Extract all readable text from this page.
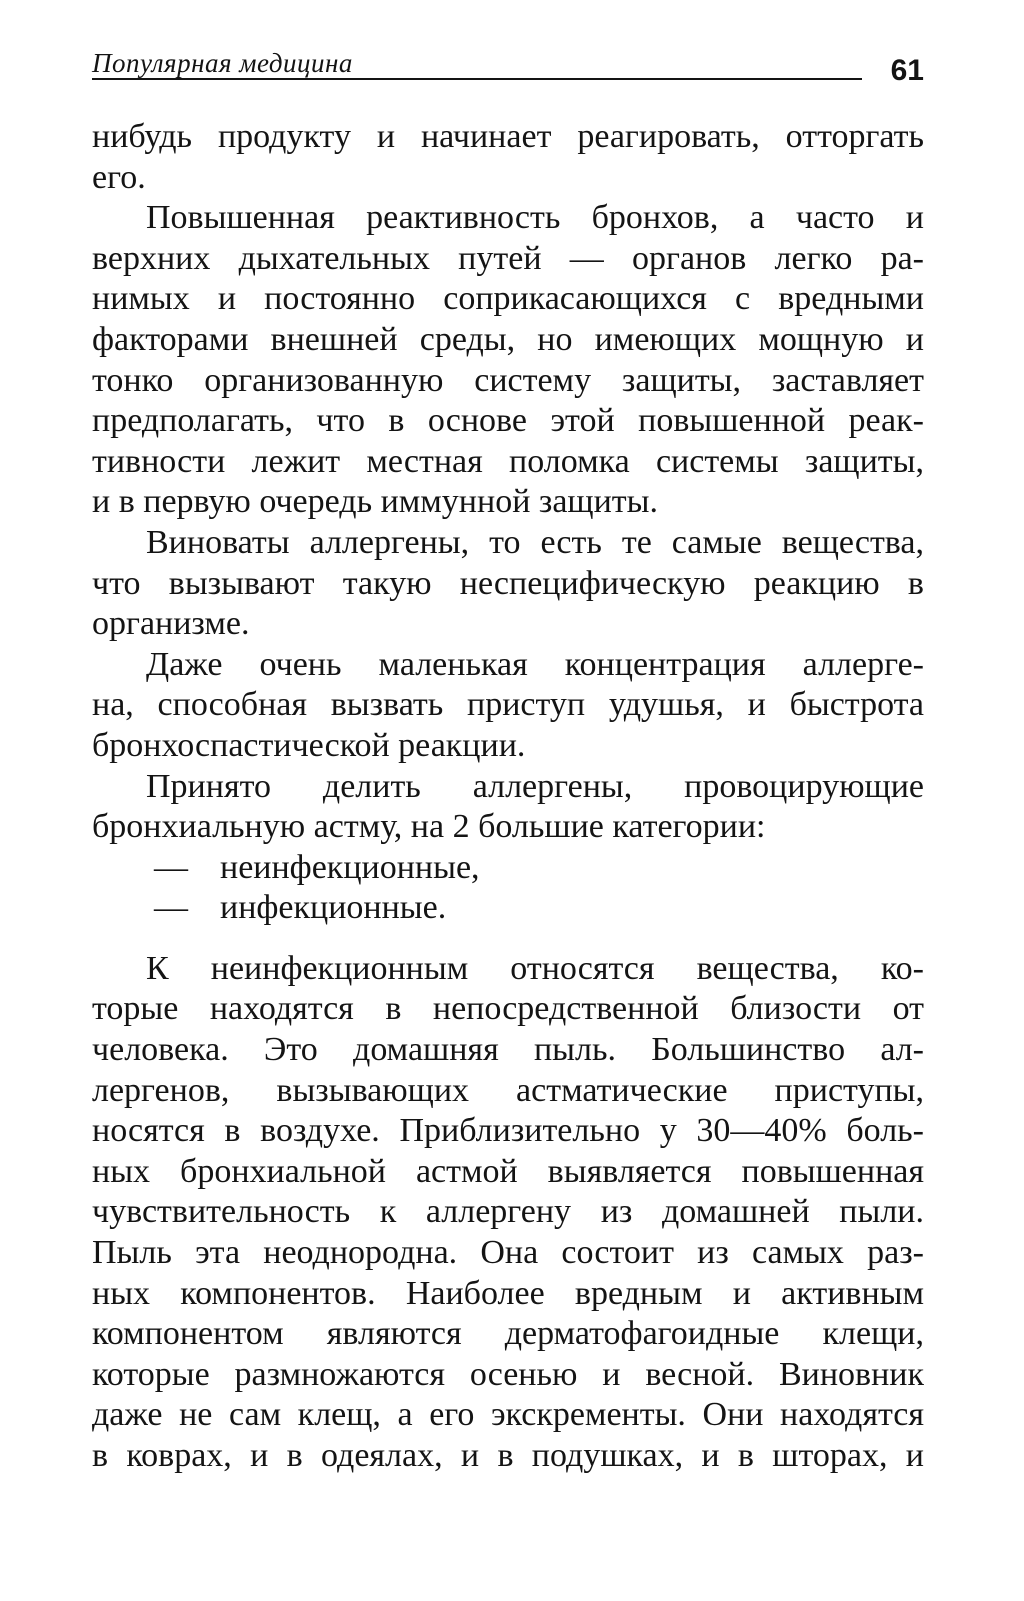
Популярная медицина	61
нибудь продукту и начинает реагировать, отторгать
его.
Повышенная реактивность бронхов, а часто и
верхних дыхательных путей — органов легко ра-
нимых и постоянно соприкасающихся с вредными
факторами внешней среды, но имеющих мощную и
тонко организованную систему защиты, заставляет
предполагать, что в основе этой повышенной реак-
тивности лежит местная поломка системы защиты,
и в первую очередь иммунной защиты.
Виноваты аллергены, то есть те самые вещества,
что вызывают такую неспецифическую реакцию в
организме.
Даже очень маленькая концентрация аллерге-
на, способная вызвать приступ удушья, и быстрота
бронхоспастической реакции.
Принято делить аллергены, провоцирующие
бронхиальную астму, на 2 большие категории:
— неинфекционные,
— инфекционные.
К неинфекционным относятся вещества, ко-
торые находятся в непосредственной близости от
человека. Это домашняя пыль. Большинство ал-
лергенов, вызывающих астматические приступы,
носятся в воздухе. Приблизительно у 30—40% боль-
ных бронхиальной астмой выявляется повышенная
чувствительность к аллергену из домашней пыли.
Пыль эта неоднородна. Она состоит из самых раз-
ных компонентов. Наиболее вредным и активным
компонентом являются дерматофагоидные клещи,
которые размножаются осенью и весной. Виновник
даже не сам клещ, а его экскременты. Они находятся
в коврах, и в одеялах, и в подушках, и в шторах, и
